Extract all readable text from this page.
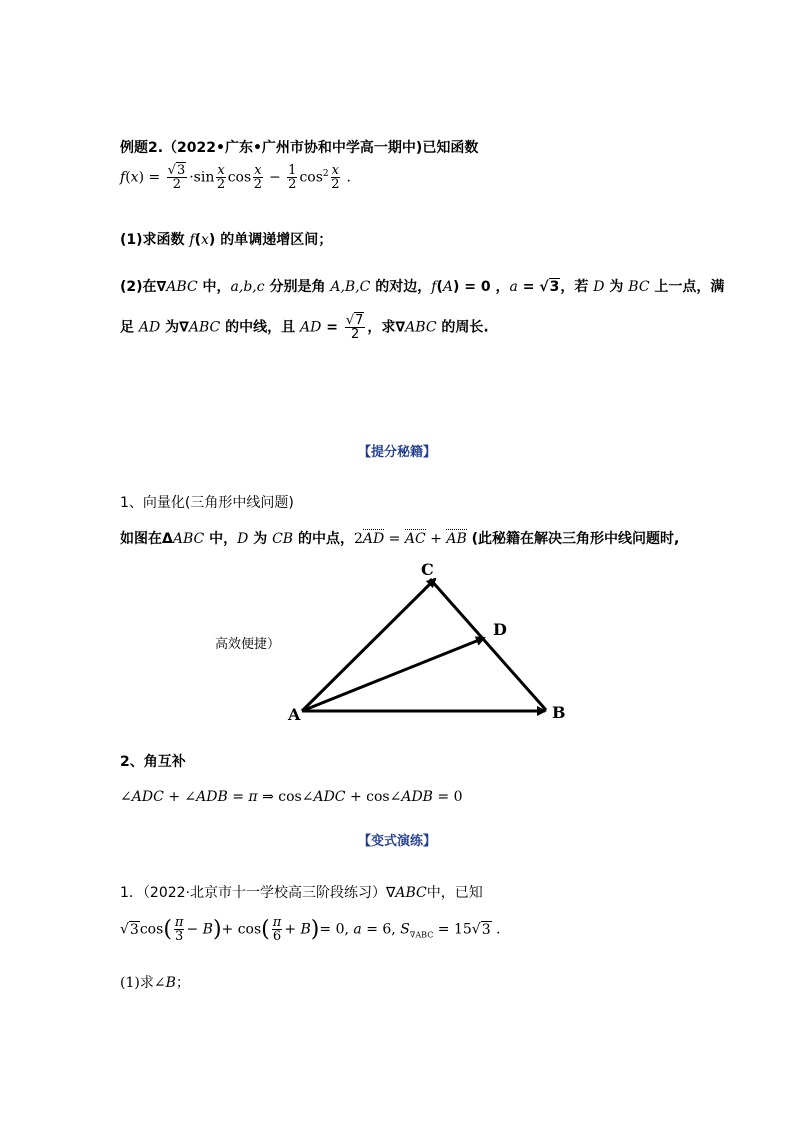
例题2.（2022•广东•广州市协和中学高一期中)已知函数
$f(x) = \frac{√3}{2} \cdot\sin \frac{x}{2}$ $\cos \frac{x}{2} - \frac{1}{2} \cos^2 \frac{x}{2}$ .
(1)求函数 f(x) 的单调递增区间；
(2)在∇ABC 中，a,b,c 分别是角 A,B,C 的对边，f(A) = 0 ，a = √3，若 D 为 BC 上一点，满
足 AD 为∇ABC 的中线，且 AD = $\frac{√7}{2}$ ，求∇ABC 的周长.
【提分秘籍】
1、向量化(三角形中线问题)
如图在ΔABC 中，D 为 CB 的中点，2AD = AC + AB (此秘籍在解决三角形中线问题时,
A	B
C
D
高效便捷）
2、角互补
∠ADC + ∠ADB = π ⇒ cos∠ADC + cos∠ADB = 0
【变式演练】
1．（2022·北京市十一学校高三阶段练习）∇ABC中，已知
$√3\cos( \frac{\pi}{3} - B)+ \cos( \frac{\pi}{6} + B)= 0$, a = 6, $S_{\nabla ABC} = 15√3$ .
(1)求∠B；
